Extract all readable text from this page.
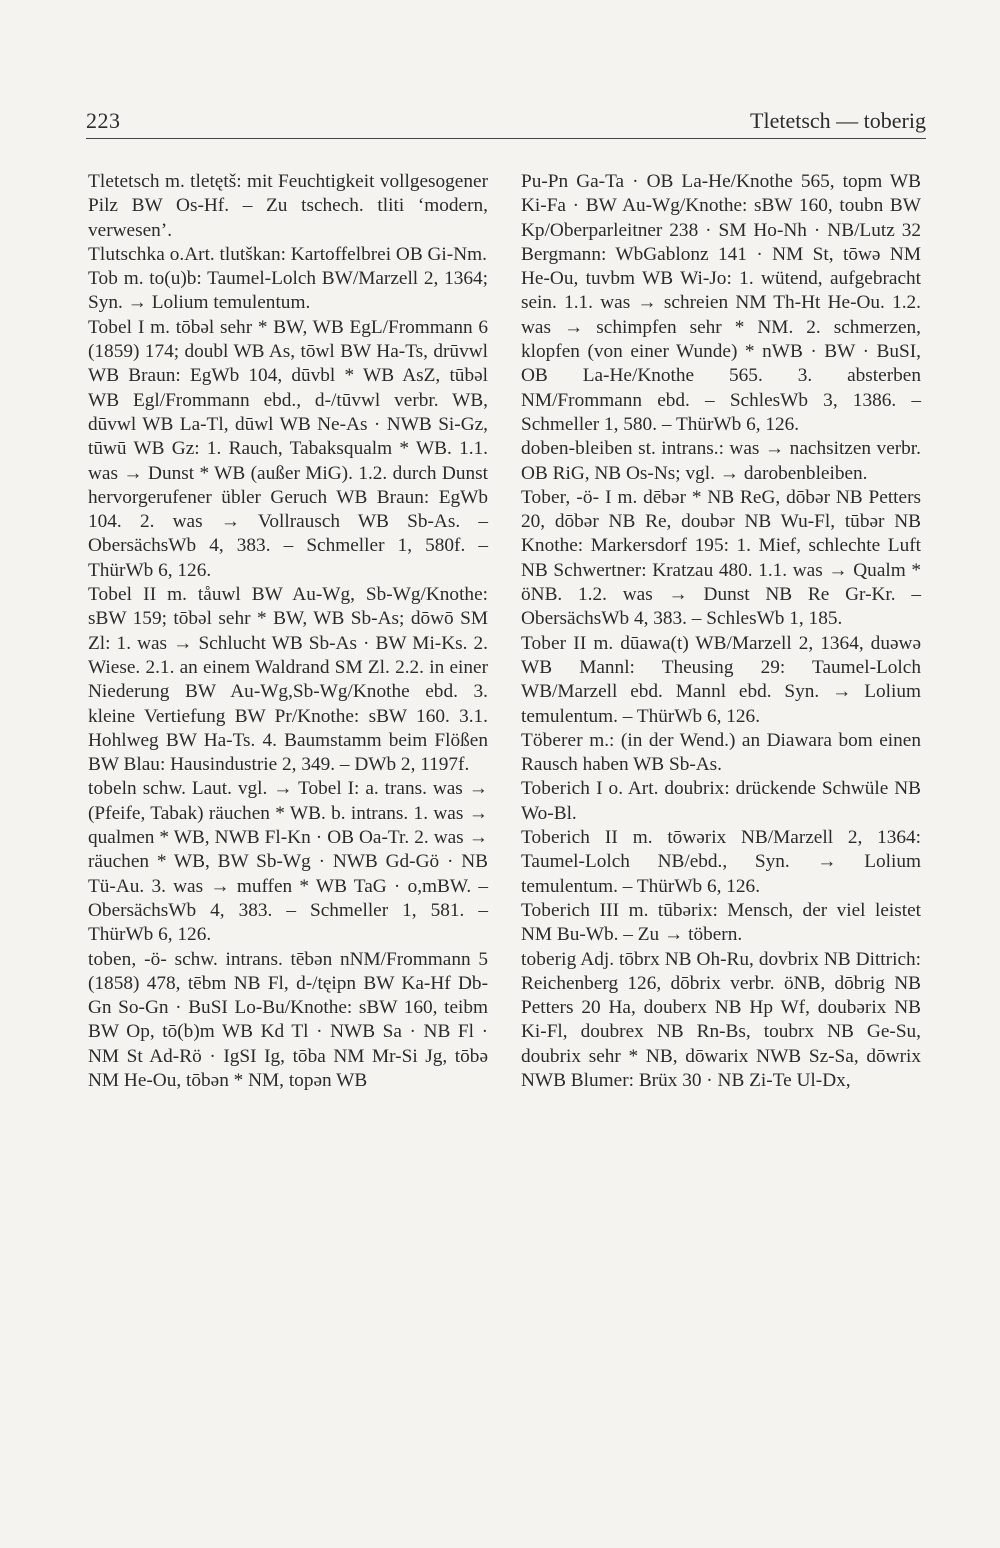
223	Tletetsch — toberig

Tletetsch m. tletętš: mit Feuchtigkeit vollgesogener Pilz BW Os-Hf. – Zu tschech. tliti ‘modern, verwesen’.

Tlutschka o.Art. tlutškan: Kartoffelbrei OB Gi-Nm.

Tob m. to(u)b: Taumel-Lolch BW/Marzell 2, 1364; Syn. → Lolium temulentum.

Tobel I m. tōbəl sehr * BW, WB EgL/Frommann 6 (1859) 174; doubl WB As, tōwl BW Ha-Ts, drūvwl WB Braun: EgWb 104, dūvbl * WB AsZ, tūbəl WB Egl/Frommann ebd., d-/tūvwl verbr. WB, dūvwl WB La-Tl, dūwl WB Ne-As · NWB Si-Gz, tūwū WB Gz: 1. Rauch, Tabaksqualm * WB. 1.1. was → Dunst * WB (außer MiG). 1.2. durch Dunst hervorgerufener übler Geruch WB Braun: EgWb 104. 2. was → Vollrausch WB Sb-As. – ObersächsWb 4, 383. – Schmeller 1, 580f. – ThürWb 6, 126.

Tobel II m. tåuwl BW Au-Wg, Sb-Wg/Knothe: sBW 159; tōbəl sehr * BW, WB Sb-As; dōwō SM Zl: 1. was → Schlucht WB Sb-As · BW Mi-Ks. 2. Wiese. 2.1. an einem Waldrand SM Zl. 2.2. in einer Niederung BW Au-Wg,Sb-Wg/Knothe ebd. 3. kleine Vertiefung BW Pr/Knothe: sBW 160. 3.1. Hohlweg BW Ha-Ts. 4. Baumstamm beim Flößen BW Blau: Hausindustrie 2, 349. – DWb 2, 1197f.

tobeln schw. Laut. vgl. → Tobel I: a. trans. was → (Pfeife, Tabak) räuchen * WB. b. intrans. 1. was → qualmen * WB, NWB Fl-Kn · OB Oa-Tr. 2. was → räuchen * WB, BW Sb-Wg · NWB Gd-Gö · NB Tü-Au. 3. was → muffen * WB TaG · o,mBW. – ObersächsWb 4, 383. – Schmeller 1, 581. – ThürWb 6, 126.

toben, -ö- schw. intrans. tēbən nNM/Frommann 5 (1858) 478, tēbm NB Fl, d-/tęipn BW Ka-Hf Db-Gn So-Gn · BuSI Lo-Bu/Knothe: sBW 160, teibm BW Op, tō(b)m WB Kd Tl · NWB Sa · NB Fl · NM St Ad-Rö · IgSI Ig, tōba NM Mr-Si Jg, tōbə NM He-Ou, tōbən * NM, topən WB

Pu-Pn Ga-Ta · OB La-He/Knothe 565, topm WB Ki-Fa · BW Au-Wg/Knothe: sBW 160, toubn BW Kp/Oberparleitner 238 · SM Ho-Nh · NB/Lutz 32 Bergmann: WbGablonz 141 · NM St, tōwə NM He-Ou, tuvbm WB Wi-Jo: 1. wütend, aufgebracht sein. 1.1. was → schreien NM Th-Ht He-Ou. 1.2. was → schimpfen sehr * NM. 2. schmerzen, klopfen (von einer Wunde) * nWB · BW · BuSI, OB La-He/Knothe 565. 3. absterben NM/Frommann ebd. – SchlesWb 3, 1386. – Schmeller 1, 580. – ThürWb 6, 126.

doben-bleiben st. intrans.: was → nachsitzen verbr. OB RiG, NB Os-Ns; vgl. → darobenbleiben.

Tober, -ö- I m. dēbər * NB ReG, dōbər NB Petters 20, dōbər NB Re, doubər NB Wu-Fl, tūbər NB Knothe: Markersdorf 195: 1. Mief, schlechte Luft NB Schwertner: Kratzau 480. 1.1. was → Qualm * öNB. 1.2. was → Dunst NB Re Gr-Kr. – ObersächsWb 4, 383. – SchlesWb 1, 185.

Tober II m. dūawa(t) WB/Marzell 2, 1364, duəwə WB Mannl: Theusing 29: Taumel-Lolch WB/Marzell ebd. Mannl ebd. Syn. → Lolium temulentum. – ThürWb 6, 126.

Töberer m.: (in der Wend.) an Diawara bom einen Rausch haben WB Sb-As.

Toberich I o. Art. doubrix: drückende Schwüle NB Wo-Bl.

Toberich II m. tōwərix NB/Marzell 2, 1364: Taumel-Lolch NB/ebd., Syn. → Lolium temulentum. – ThürWb 6, 126.

Toberich III m. tūbərix: Mensch, der viel leistet NM Bu-Wb. – Zu → töbern.

toberig Adj. tōbrx NB Oh-Ru, dovbrix NB Dittrich: Reichenberg 126, dōbrix verbr. öNB, dōbrig NB Petters 20 Ha, douberx NB Hp Wf, doubərix NB Ki-Fl, doubrex NB Rn-Bs, toubrx NB Ge-Su, doubrix sehr * NB, dōwarix NWB Sz-Sa, dōwrix NWB Blumer: Brüx 30 · NB Zi-Te Ul-Dx,
